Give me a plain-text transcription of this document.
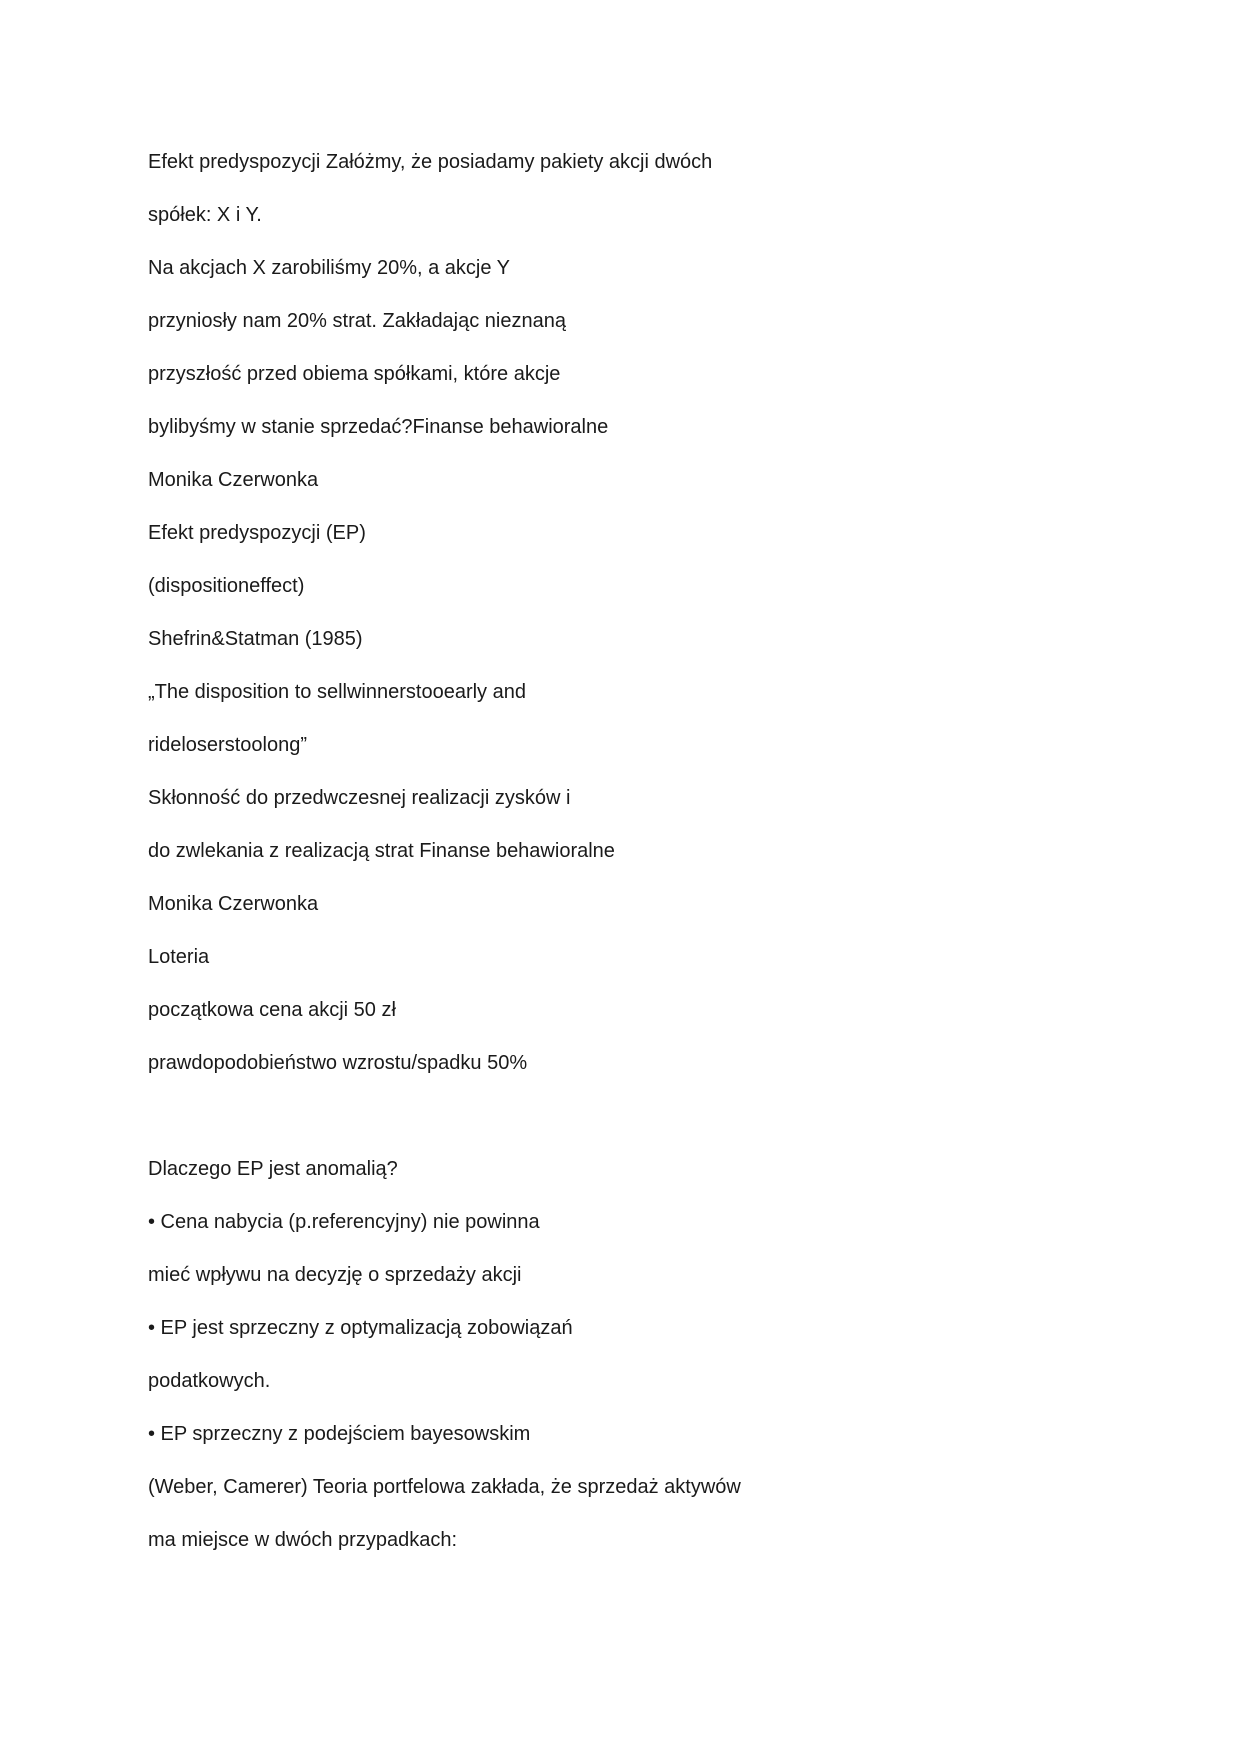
Efekt predyspozycji Załóżmy, że posiadamy pakiety akcji dwóch
spółek: X i Y.
Na akcjach X zarobiliśmy 20%, a akcje Y
przyniosły nam 20% strat. Zakładając nieznaną
przyszłość przed obiema spółkami, które akcje
bylibyśmy w stanie sprzedać?Finanse behawioralne
Monika Czerwonka
Efekt predyspozycji (EP)
(dispositioneffect)
Shefrin&Statman (1985)
„The disposition to sellwinnerstooearly and
rideloserstoolong”
Skłonność do przedwczesnej realizacji zysków i
do zwlekania z realizacją strat Finanse behawioralne
Monika Czerwonka
Loteria
początkowa cena akcji 50 zł
prawdopodobieństwo wzrostu/spadku 50%
Dlaczego EP jest anomalią?
• Cena nabycia (p.referencyjny) nie powinna
mieć wpływu na decyzję o sprzedaży akcji
• EP jest sprzeczny z optymalizacją zobowiązań
podatkowych.
• EP sprzeczny z podejściem bayesowskim
(Weber, Camerer) Teoria portfelowa zakłada, że sprzedaż aktywów
ma miejsce w dwóch przypadkach:
